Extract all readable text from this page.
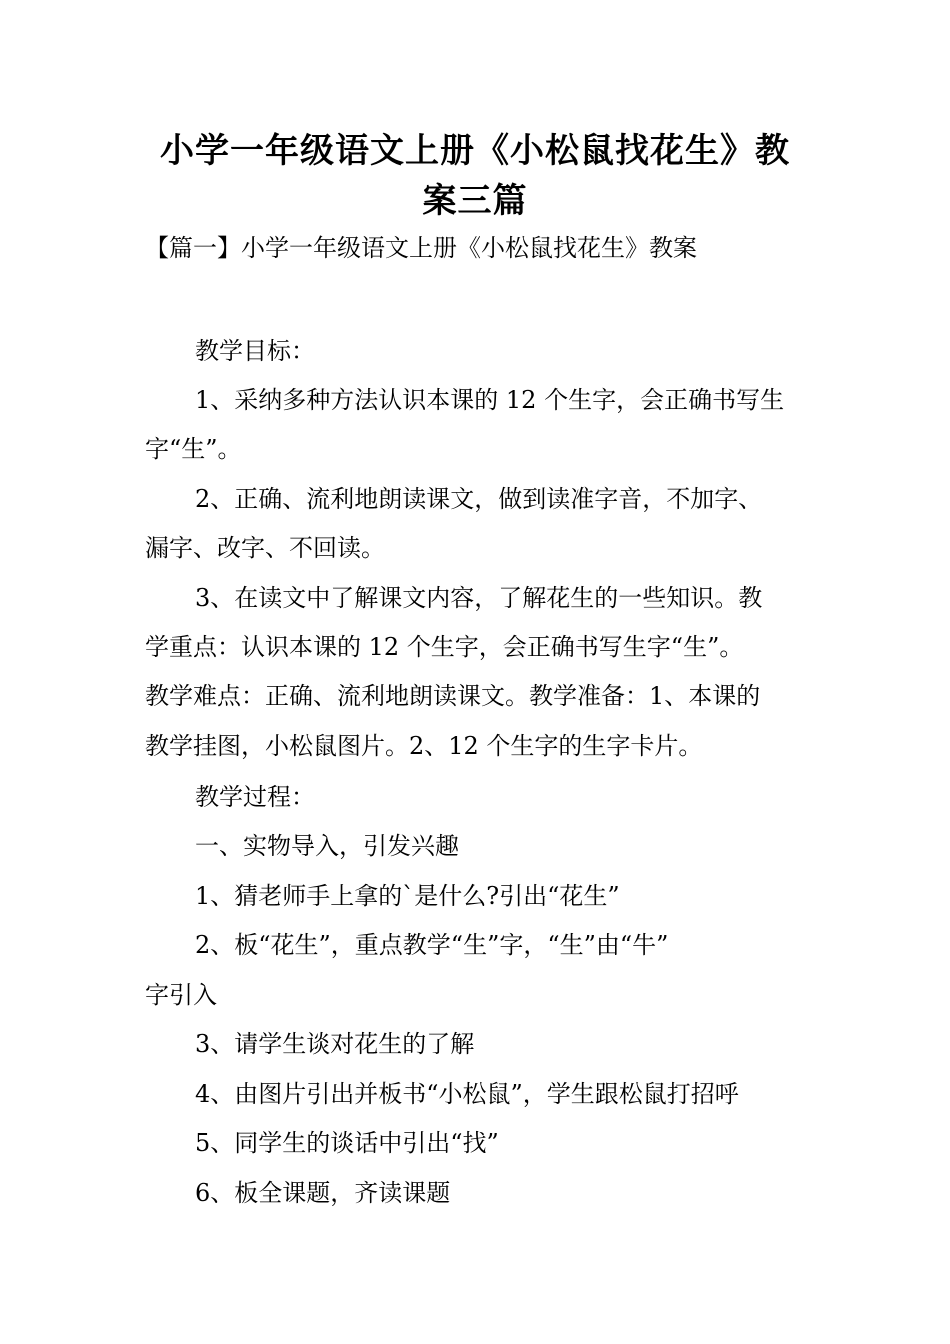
小学一年级语文上册《小松鼠找花生》教
案三篇
【篇一】小学一年级语文上册《小松鼠找花生》教案
教学目标：
1、采纳多种方法认识本课的 12 个生字，会正确书写生
字“生”。
2、正确、流利地朗读课文，做到读准字音，不加字、
漏字、改字、不回读。
3、在读文中了解课文内容，了解花生的一些知识。教
学重点：认识本课的 12 个生字，会正确书写生字“生”。
教学难点：正确、流利地朗读课文。教学准备：1、本课的
教学挂图，小松鼠图片。2、12 个生字的生字卡片。
教学过程：
一、实物导入，引发兴趣
1、猜老师手上拿的`是什么?引出“花生”
2、板“花生”，重点教学“生”字，“生”由“牛”
字引入
3、请学生谈对花生的了解
4、由图片引出并板书“小松鼠”，学生跟松鼠打招呼
5、同学生的谈话中引出“找”
6、板全课题，齐读课题
